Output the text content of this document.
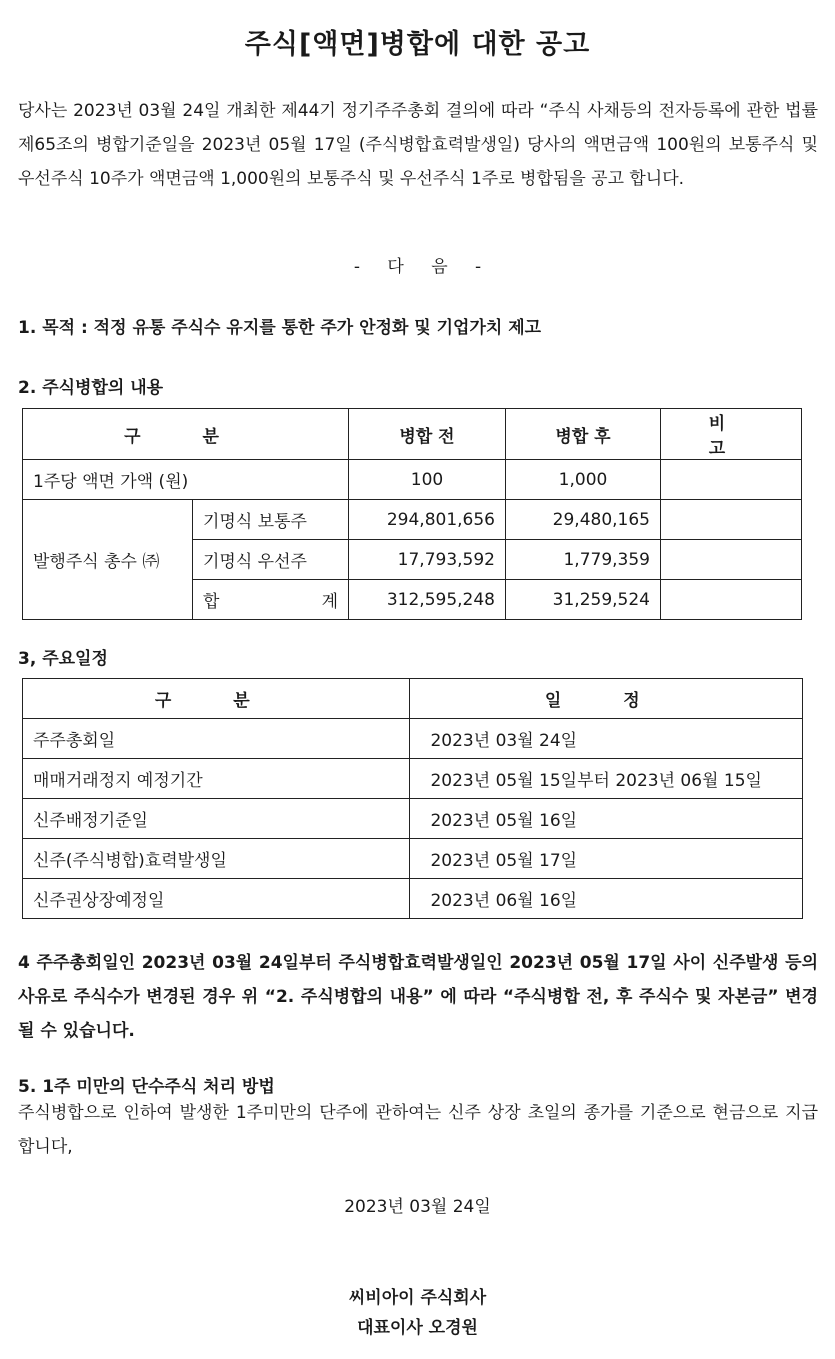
주식[액면]병합에 대한 공고
당사는 2023년 03월 24일 개최한 제44기 정기주주총회 결의에 따라 “주식 사채등의 전자등록에 관한 법률 제65조의 병합기준일을 2023년 05월 17일 (주식병합효력발생일) 당사의 액면금액 100원의 보통주식 및 우선주식 10주가 액면금액 1,000원의 보통주식 및 우선주식 1주로 병합됨을 공고 합니다.
- 다 음 -
1. 목적 : 적정 유통 주식수 유지를 통한 주가 안정화 및 기업가치 제고
2. 주식병합의 내용
구 분		병합 전	병합 후	비 고
1주당 액면 가액 (원)		100	1,000	
발행주식 총수 ㈜	기명식 보통주	294,801,656	29,480,165	
	기명식 우선주	17,793,592	1,779,359	

	합 계	312,595,248	31,259,524	
3, 주요일정
구 분	일 정
주주총회일	2023년 03월 24일
매매거래정지 예정기간	2023년 05월 15일부터 2023년 06월 15일
신주배정기준일	2023년 05월 16일
신주(주식병합)효력발생일	2023년 05월 17일
신주권상장예정일	2023년 06월 16일
4 주주총회일인 2023년 03월 24일부터 주식병합효력발생일인 2023년 05월 17일 사이 신주발생 등의 사유로 주식수가 변경된 경우 위 “2. 주식병합의 내용” 에 따라 “주식병합 전, 후 주식수 및 자본금” 변경 될 수 있습니다.
5. 1주 미만의 단수주식 처리 방법
주식병합으로 인하여 발생한 1주미만의 단주에 관하여는 신주 상장 초일의 종가를 기준으로 현금으로 지급 합니다,
2023년 03월 24일
씨비아이 주식회사
대표이사 오경원
